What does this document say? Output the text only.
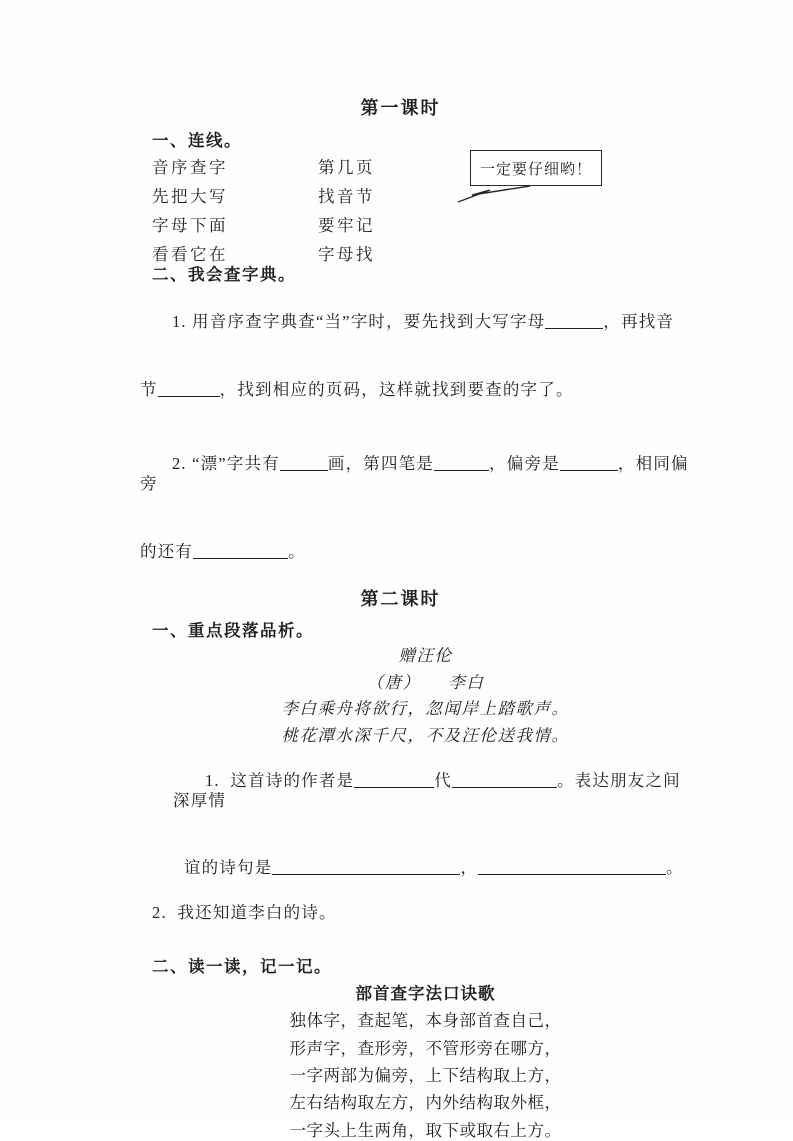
第一课时
一、连线。
音序查字	第几页
先把大写	找音节
字母下面	要牢记
看看它在	字母找
二、我会查字典。

1. 用音序查字典查“当”字时，要先找到大写字母	，再找音

节	，找到相应的页码，这样就找到要查的字了。

2. “漂”字共有	画，第四笔是	，偏旁是	，相同偏旁

的还有	。

第二课时
一、重点段落品析。
赠汪伦
（唐）　　李白
李白乘舟将欲行，忽闻岸上踏歌声。
桃花潭水深千尺，不及汪伦送我情。

1.  这首诗的作者是	代	。表达朋友之间深厚情

谊的诗句是	，	。

2.  我还知道李白的诗。
二、读一读，记一记。
部首查字法口诀歌
独体字，查起笔，本身部首查自己，
形声字，查形旁，不管形旁在哪方，
一字两部为偏旁，上下结构取上方，
左右结构取左方，内外结构取外框，
一字头上生两角，取下或取右上方。
一定要仔细哟！
